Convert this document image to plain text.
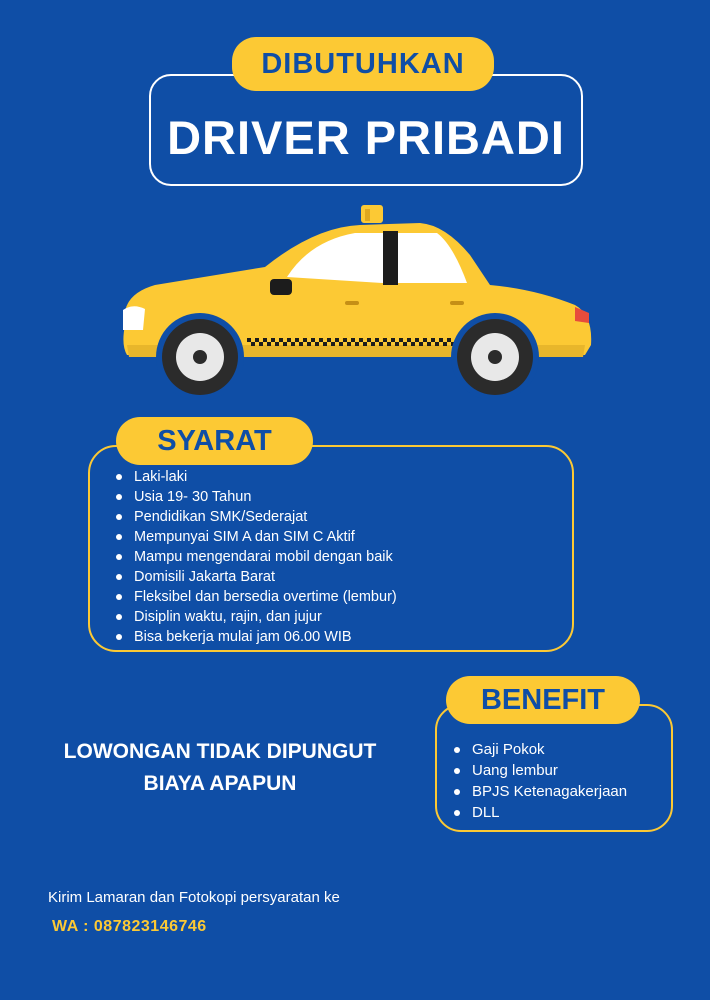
DIBUTUHKAN
DRIVER PRIBADI
SYARAT
Laki-laki
Usia 19- 30 Tahun
Pendidikan SMK/Sederajat
Mempunyai SIM A dan SIM C Aktif
Mampu mengendarai mobil dengan baik
Domisili Jakarta Barat
Fleksibel dan bersedia overtime (lembur)
Disiplin waktu, rajin, dan jujur
Bisa bekerja mulai jam 06.00 WIB
LOWONGAN TIDAK DIPUNGUT
BIAYA APAPUN
BENEFIT
Gaji Pokok
Uang lembur
BPJS Ketenagakerjaan
DLL
Kirim Lamaran dan Fotokopi persyaratan ke
WA : 087823146746
